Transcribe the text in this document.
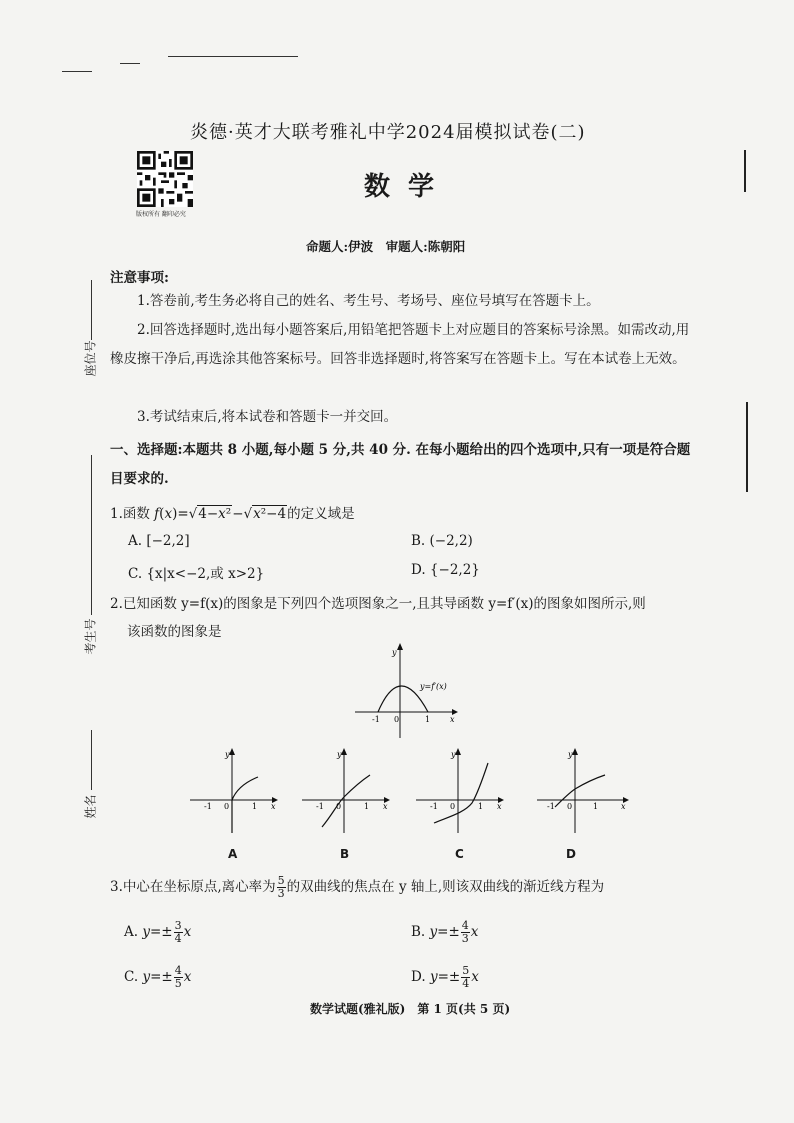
座位号
考生号
姓名
炎德·英才大联考雅礼中学2024届模拟试卷(二)
版权所有 翻印必究
数学
命题人:伊波　审题人:陈朝阳
注意事项:
1.答卷前,考生务必将自己的姓名、考生号、考场号、座位号填写在答题卡上。
2.回答选择题时,选出每小题答案后,用铅笔把答题卡上对应题目的答案标号涂黑。如需改动,用橡皮擦干净后,再选涂其他答案标号。回答非选择题时,将答案写在答题卡上。写在本试卷上无效。
3.考试结束后,将本试卷和答题卡一并交回。
一、选择题:本题共 8 小题,每小题 5 分,共 40 分. 在每小题给出的四个选项中,只有一项是符合题目要求的.
1.函数 f(x)=√4−x²−√x²−4的定义域是
A. [−2,2]	B. (−2,2)
C. {x|x<−2,或 x>2}	D. {−2,2}
2.已知函数 y=f(x)的图象是下列四个选项图象之一,且其导函数 y=f′(x)的图象如图所示,则
该函数的图象是
y
x
-1 0	1
y=f′(x)
y
x
-1 0	1
y
x
-1 0	1
y
x
-1 0	1
y
x
-1 0	1
A	B	C	D
3.中心在坐标原点,离心率为 $\frac{5}{3}$ 的双曲线的焦点在 y 轴上,则该双曲线的渐近线方程为
A. $y=\pm \frac{3}{4}$ x	B. $y=\pm \frac{4}{3}$ x
C. $y=\pm \frac{4}{5}$ x	D. $y=\pm \frac{5}{4}$ x
数学试题(雅礼版)　第 1 页(共 5 页)
